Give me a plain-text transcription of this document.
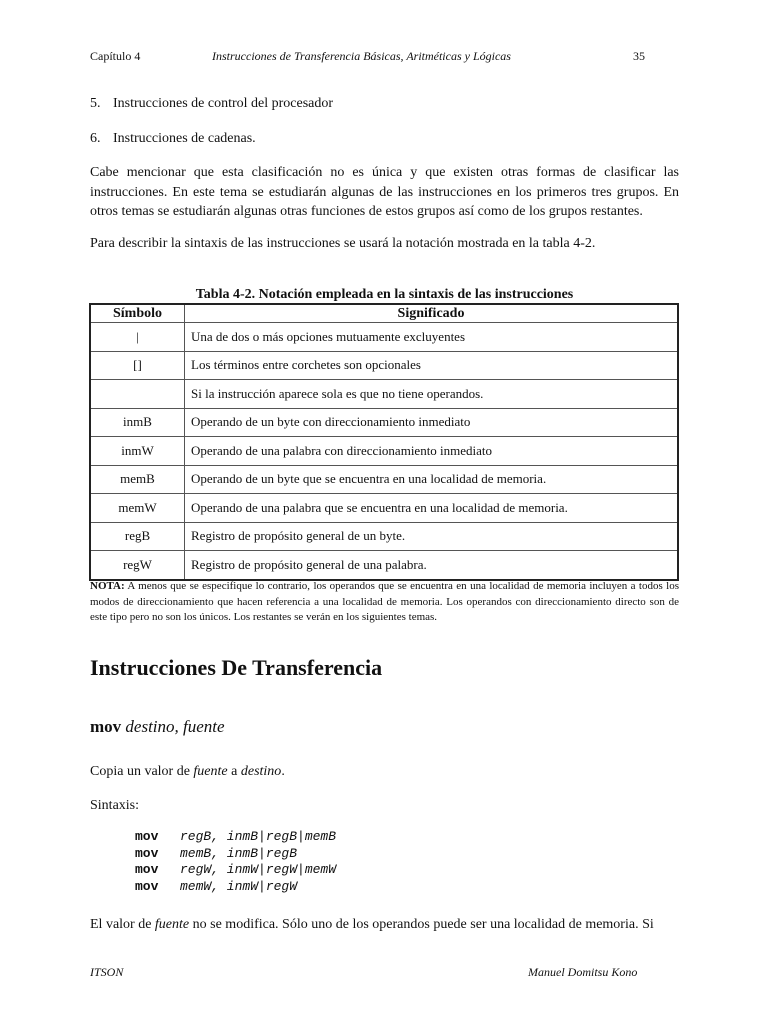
Capítulo 4	Instrucciones de Transferencia Básicas, Aritméticas y Lógicas	35
5. Instrucciones de control del procesador
6. Instrucciones de cadenas.
Cabe mencionar que esta clasificación no es única y que existen otras formas de clasificar las instrucciones. En este tema se estudiarán algunas de las instrucciones en los primeros tres grupos. En otros temas se estudiarán algunas otras funciones de estos grupos así como de los grupos restantes.
Para describir la sintaxis de las instrucciones se usará la notación mostrada en la tabla 4-2.
Tabla 4-2. Notación empleada en la sintaxis de las instrucciones
Símbolo	Significado
|	Una de dos o más opciones mutuamente excluyentes
[]	Los términos entre corchetes son opcionales
	Si la instrucción aparece sola es que no tiene operandos.
inmB	Operando de un byte con direccionamiento inmediato
inmW	Operando de una palabra con direccionamiento inmediato
memB	Operando de un byte que se encuentra en una localidad de memoria.
memW	Operando de una palabra que se encuentra en una localidad de memoria.
regB	Registro de propósito general de un byte.
regW	Registro de propósito general de una palabra.
NOTA: A menos que se especifique lo contrario, los operandos que se encuentra en una localidad de memoria incluyen a todos los modos de direccionamiento que hacen referencia a una localidad de memoria. Los operandos con direccionamiento directo son de este tipo pero no son los únicos. Los restantes se verán en los siguientes temas.
Instrucciones De Transferencia
mov destino, fuente
Copia un valor de fuente a destino.
Sintaxis:
mov regB, inmB|regB|memB
mov memB, inmB|regB
mov regW, inmW|regW|memW
mov memW, inmW|regW
El valor de fuente no se modifica. Sólo uno de los operandos puede ser una localidad de memoria. Si
ITSON	Manuel Domitsu Kono
